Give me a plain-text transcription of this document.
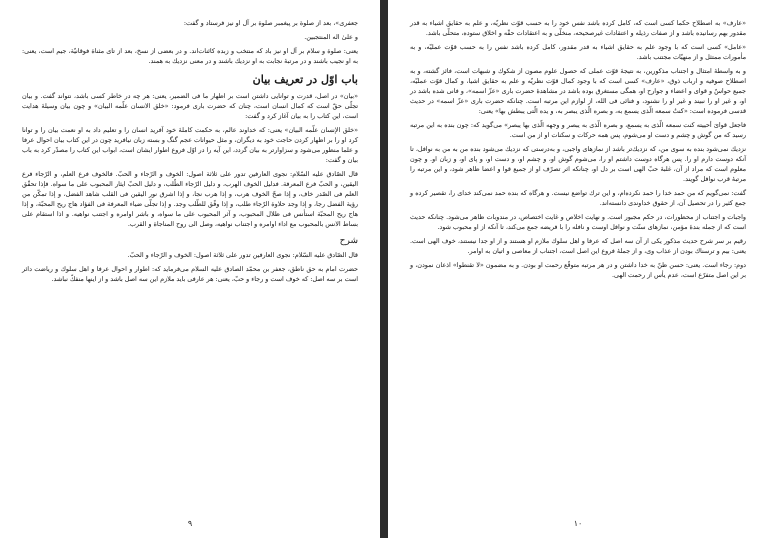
جعفرى»، بعد از صلوة بر پيغمبر صلوة بر آل او نيز فرستاد و گفت:

و علىٰ اله المنتجبين.

يعنى: صلوة و سلام بر آل او نيز باد كه منتخب و زبده كائنات‌اند. و در بعضى از نسخ، بعد از تاى مثناة فوقانيّة، جيم است، يعنى: به او نجيب باشند و در مرتبۀ نجابت به او نزديك باشند و در معنى نزديك به همند.

باب اوّل در تعريف بيان

«بيان» در اصل، قدرت و توانايى داشتن است بر اظهار ما فى الضمير، يعنى: هر چه در خاطر كسى باشد، نتواند گفت. و بيان تجلّى حقّ است كه كمال انسان است، چنان كه حضرت بارى فرمود: «خلق الانسان علّمه البيان» و چون بيان وسيلۀ هدايت است، اين كتاب را به بيان آغاز كرد و گفت:

«خلق الإنسان علّمه البيان» يعنى: كه خداوند عالم، به حكمت كاملۀ خود آفريد انسان را و تعليم داد به او نعمت بيان را و توانا كرد او را بر اظهار كردن حاجت خود به ديگران، و مثل حيوانات عجم گنگ و بسته زبان نيافريد چون در اين كتاب بيان احوال عرفا و علما منظور مى‌شود و سزاوارتر به بيان گردد، اين آيه را در اوّل فروع اطوار ايشان است، ابواب اين كتاب را مصدّر كرد به باب بيان و گفت:

قال الصّادق عليه السّلام: نجوى العارفين تدور على ثلاثة اصول: الخوف و الرّجاء و الحبّ. فالخوف فرع العلم، و الرّجاء فرع اليقين، و الحبّ فرع المعرفة. فدليل الخوف الهرب، و دليل الرّجاء الطّلب، و دليل الحبّ ايثار المحبوب على ما سواه. فإذا تحقّق العلم فى الصّدر خاف، و إذا صحّ الخوف هرب، و إذا هرب نجا، و إذا اشرق نور اليقين فى القلب شاهد الفضل، و إذا تمكّن من رؤية الفضل رجا، و إذا وجد حلاوة الرّجاء طلب، و إذا وفّق للطّلب وجد. و إذا تجلّى ضياء المعرفة فى الفؤاد هاج ريح المحبّة، و إذا هاج ريح المحبّة استأنس فى ظلال المحبوب، و آثر المحبوب على ما سواه، و باشر اوامره و اجتنب نواهيه. و اذا استقام على بساط الانس بالمحبوب مع اداء اوامره و اجتناب نواهيه، وصل الى روح المناجاة و القرب.

شرح

قال الصّادق عليه السّلام: نجوى العارفين تدور على ثلاثة اصول: الخوف و الرّجاء و الحبّ.

حضرت امام به حق ناطق، جعفر بن محمّد الصادق عليه السلام مى‌فرمايد كه: اطوار و احوال عرفا و اهل سلوك و رياضت دائر است بر سه اصل: كه خوف است و رجاء و حبّ، يعنى: هر عارفى بايد ملازم اين سه اصل باشد و از اينها منفكّ نباشد.

۹

«عارف» به اصطلاح حكما كسى است كه، كامل كرده باشد نفس خود را به حسب قوّت نظريّه، و علم به حقايق اشياء به قدر مقدور بهم رسانيده باشد و از صفات رذيله و اعتقادات غيرصحيحه، منخلّى و به اعتقادات حقّه و اخلاق ستوده، متحلّى باشد.

«عامل» كسى است كه با وجود علم به حقايق اشياء به قدر مقدور، كامل كرده باشد نفس را به حسب قوّت عمليّه، و به مأمورات ممتثل و از منهيّات مجتنب باشد.

و به واسطۀ امتثال و اجتناب مذكورين، به نتيجۀ قوّت عملى كه حصول علوم مصون از شكوك و شبهات است، فائز گشته، و به اصطلاح صوفيه و ارباب ذوق، «عارف» كسى است كه با وجود كمال قوّت نظريّه و علم به حقايق اشيا، و كمال قوّت عمليّه، جميع حواسّ و قواى و اعضاء و جوارح او، همگى مستغرق بوده باشد در مشاهدۀ حضرت بارى «عزّ اسمه»، و فانى شده باشد در او، و غير او را نبيند و غير او را نشنود، و فنائى فى الله، از لوازم اين مرتبه است. چنانكه حضرت بارى «عزّ اسمه» در حديث قدسى فرموده است: «كنتُ سمعه الّذى يسمع به، و بصره الّذى يبصر به، و يده الّتى يبطش بها» يعنى:

فاجعل قواىَ أحييته كنت سمعه الّذى به يسمع، و بصره الّذى به يبصر و وجهه الّذى بها يبصر» مى‌گويد كه: چون بنده به اين مرتبه رسيد كه من گوش و چشم و دست او مى‌شوم، پس همه حركات و سكنات او از من است.

نزديك نمى‌شود بنده به سوى من، كه نزديك‌تر باشد از نمازهاى واجبى، و به‌درستى كه نزديك مى‌شود بنده من به من به نوافل، تا آنكه دوست دارم او را. پس هرگاه دوست داشتم او را، مى‌شوم گوش او، و چشم او، و دست او، و پاى او، و زبان او. و چون معلوم است كه مراد از آن، غلبۀ حبّ الهى است بر دل او، چنانكه اثر تصرّف او از جميع قوا و اعضا ظاهر شود، و اين مرتبه را مرتبۀ قرب نوافل گويند.

گفت: نمى‌گويم كه من حمد خدا را حمد نكرده‌ام، و اين ترك تواضع نيست. و هرگاه كه بنده حمد نمى‌كند خداى را، تقصير كرده و جمع كثير را در تحصيل آن، از حقوق خداوندى دانسته‌اند.

واجبات و اجتناب از محظورات، در حكم مجبور است. و نهايت اخلاص و غايت اختصاص، در مندوبات ظاهر مى‌شود. چنانكه حديث است كه از جمله بندۀ مؤمن، نمازهاى سنّت و نوافل اوست و نافله را با فريضه جمع مى‌كند، تا آنكه از او محبوب شود.

رقيم بر سر شرح حديث مذكور يكى از آن سه اصل كه عرفا و اهل سلوك ملازم او هستند و از او جدا نيستند، خوف الهى است. يعنى: بيم و ترسناك بودن از عذاب وى، و از جملۀ فروع اين اصل است، اجتناب از معاصى و اتيان به اوامر.

دوم: رجاء است. يعنى: حسن ظنّ به خدا داشتن و در هر مرتبه متوقّع رحمت او بودن. و به مضمون «لا تقنطوا» اذعان نمودن، و بر اين اصل متفرّع است، عدم يأس از رحمت الهى.

۱۰
